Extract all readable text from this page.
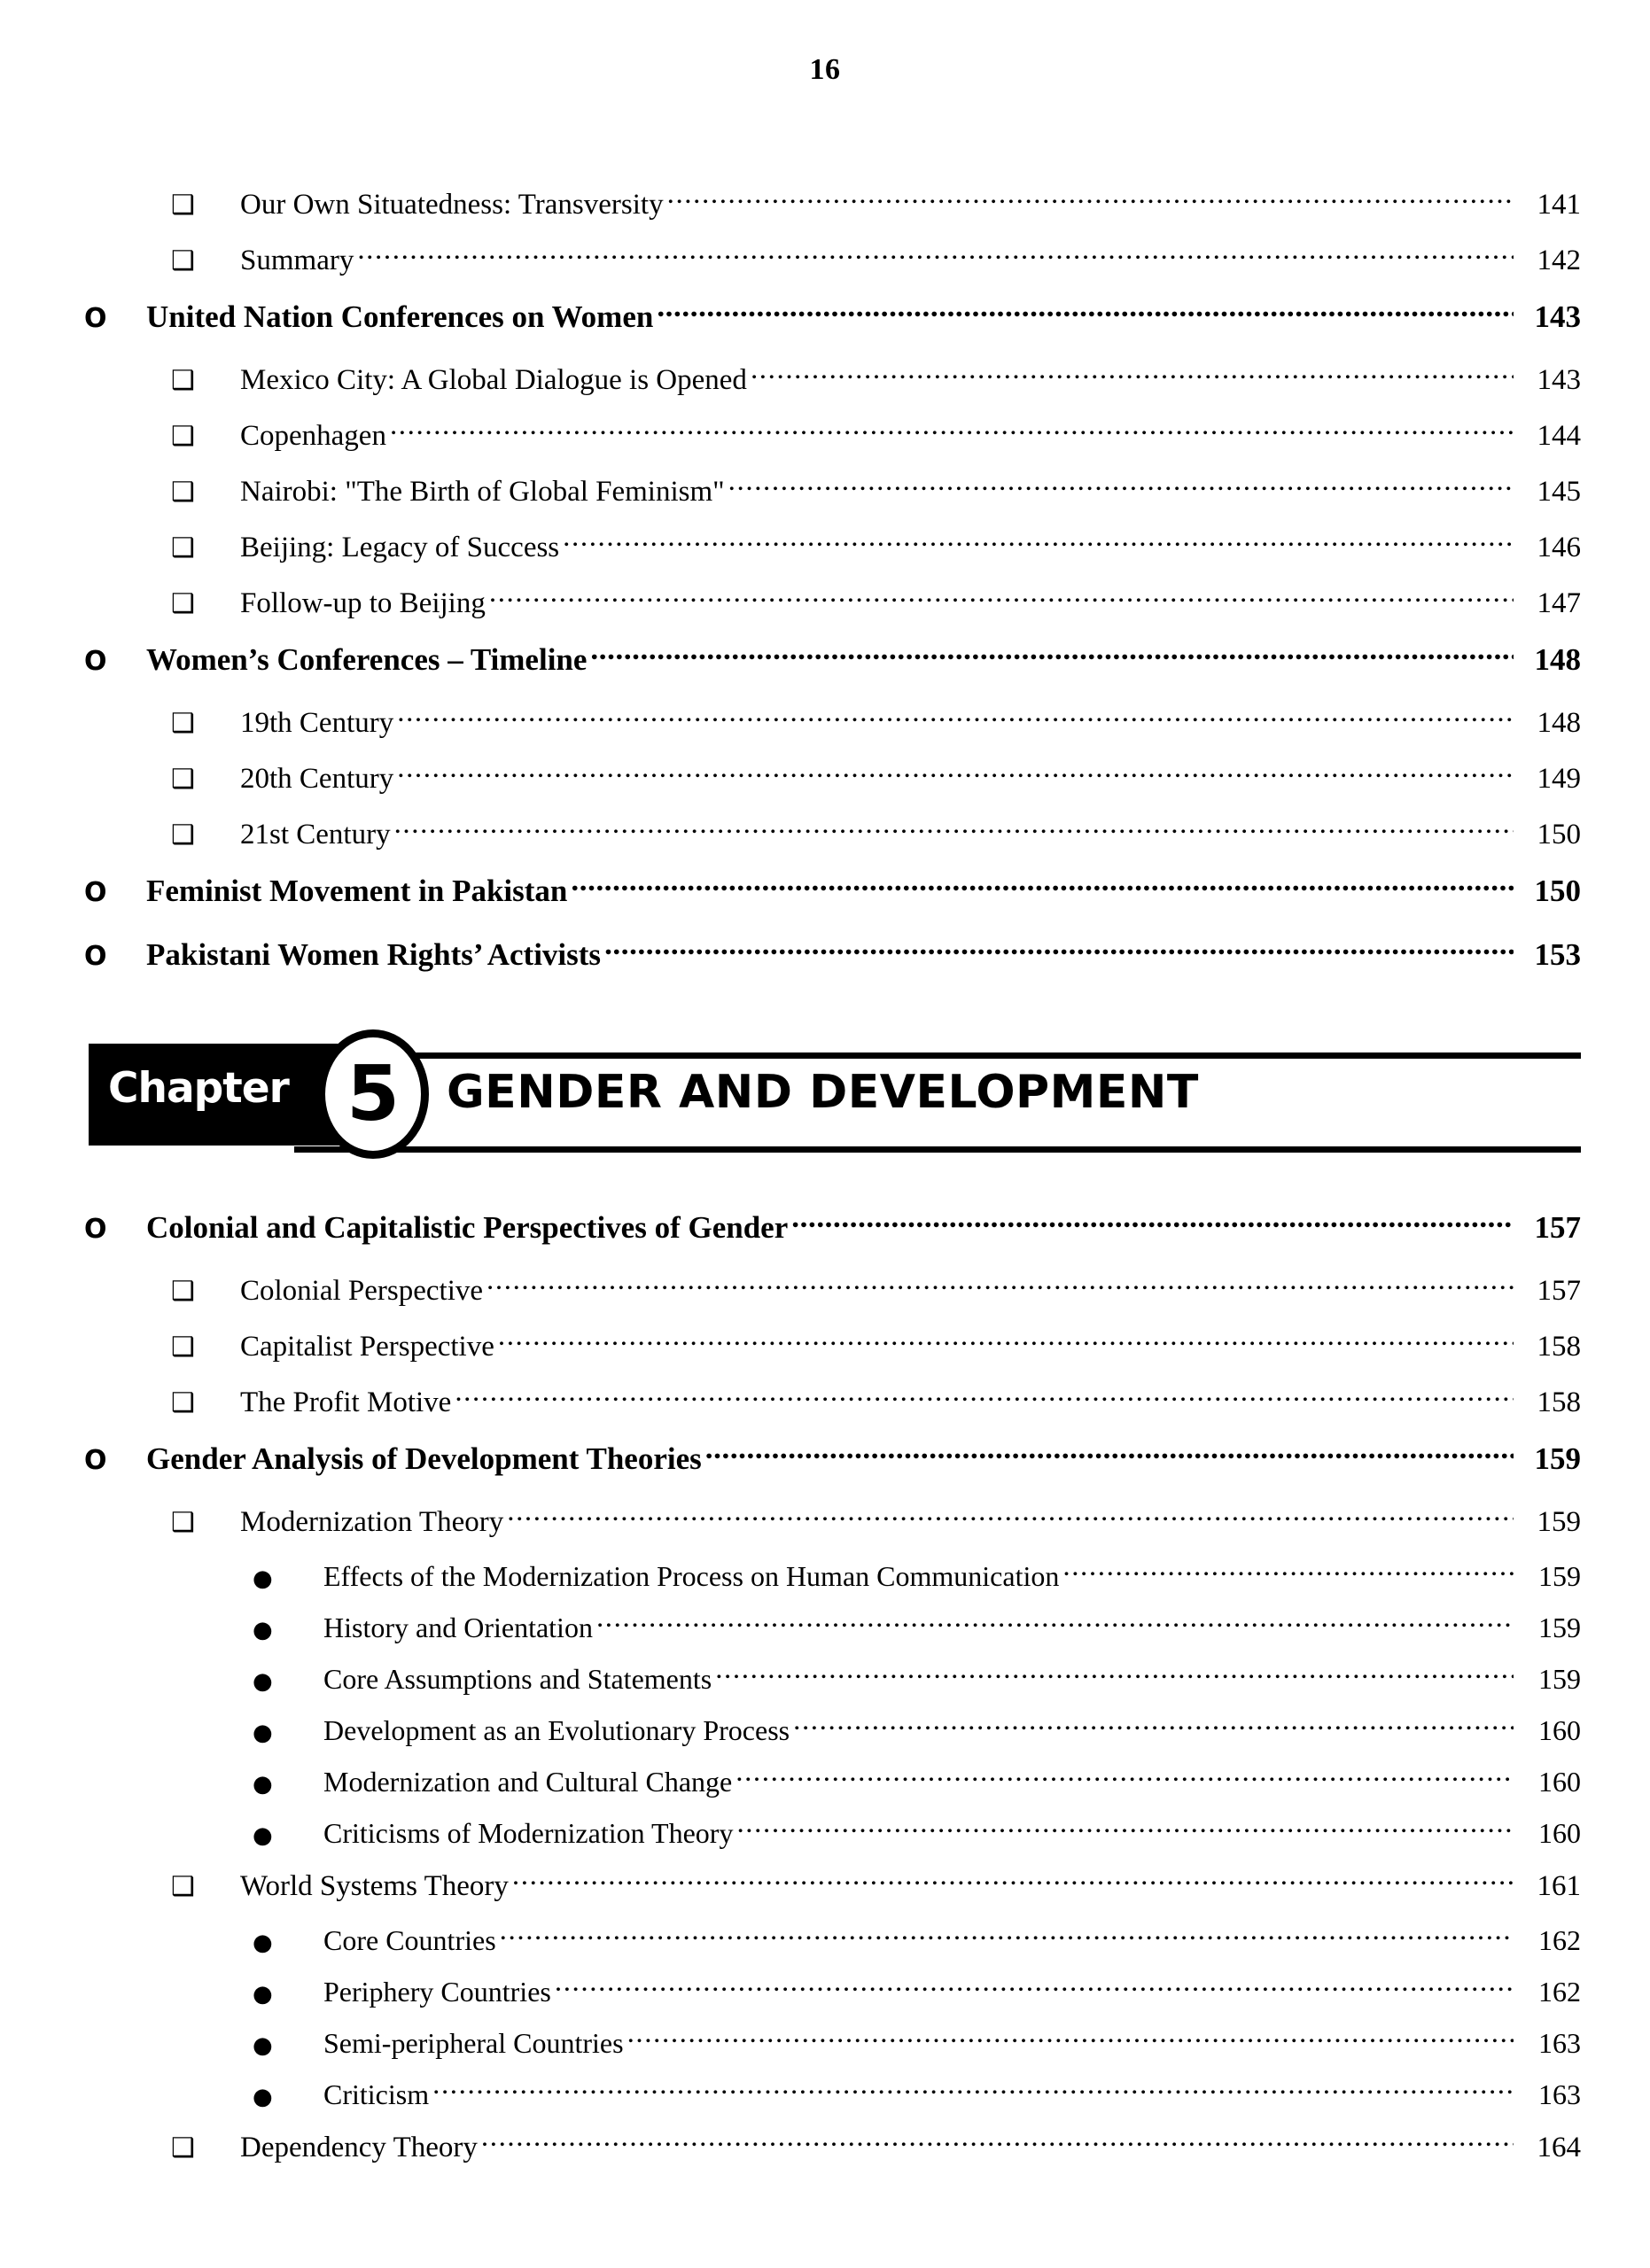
16
❑	Our Own Situatedness: Transversity .....	141
❑	Summary .....	142
O	United Nation Conferences on Women .....	143
❑	Mexico City: A Global Dialogue is Opened .....	143
❑	Copenhagen .....	144
❑	Nairobi: "The Birth of Global Feminism" .....	145
❑	Beijing: Legacy of Success .....	146
❑	Follow-up to Beijing .....	147
O	Women’s Conferences – Timeline .....	148
❑	19th Century .....	148
❑	20th Century .....	149
❑	21st Century .....	150
O	Feminist Movement in Pakistan .....	150
O	Pakistani Women Rights’ Activists .....	153
Chapter 5	GENDER AND DEVELOPMENT
O	Colonial and Capitalistic Perspectives of Gender .....	157
❑	Colonial Perspective .....	157
❑	Capitalist Perspective .....	158
❑	The Profit Motive .....	158
O	Gender Analysis of Development Theories .....	159
❑	Modernization Theory .....	159
●	Effects of the Modernization Process on Human Communication .....	159
●	History and Orientation .....	159
●	Core Assumptions and Statements .....	159
●	Development as an Evolutionary Process .....	160
●	Modernization and Cultural Change .....	160
●	Criticisms of Modernization Theory .....	160
❑	World Systems Theory .....	161
●	Core Countries .....	162
●	Periphery Countries .....	162
●	Semi-peripheral Countries .....	163
●	Criticism .....	163
❑	Dependency Theory .....	164
